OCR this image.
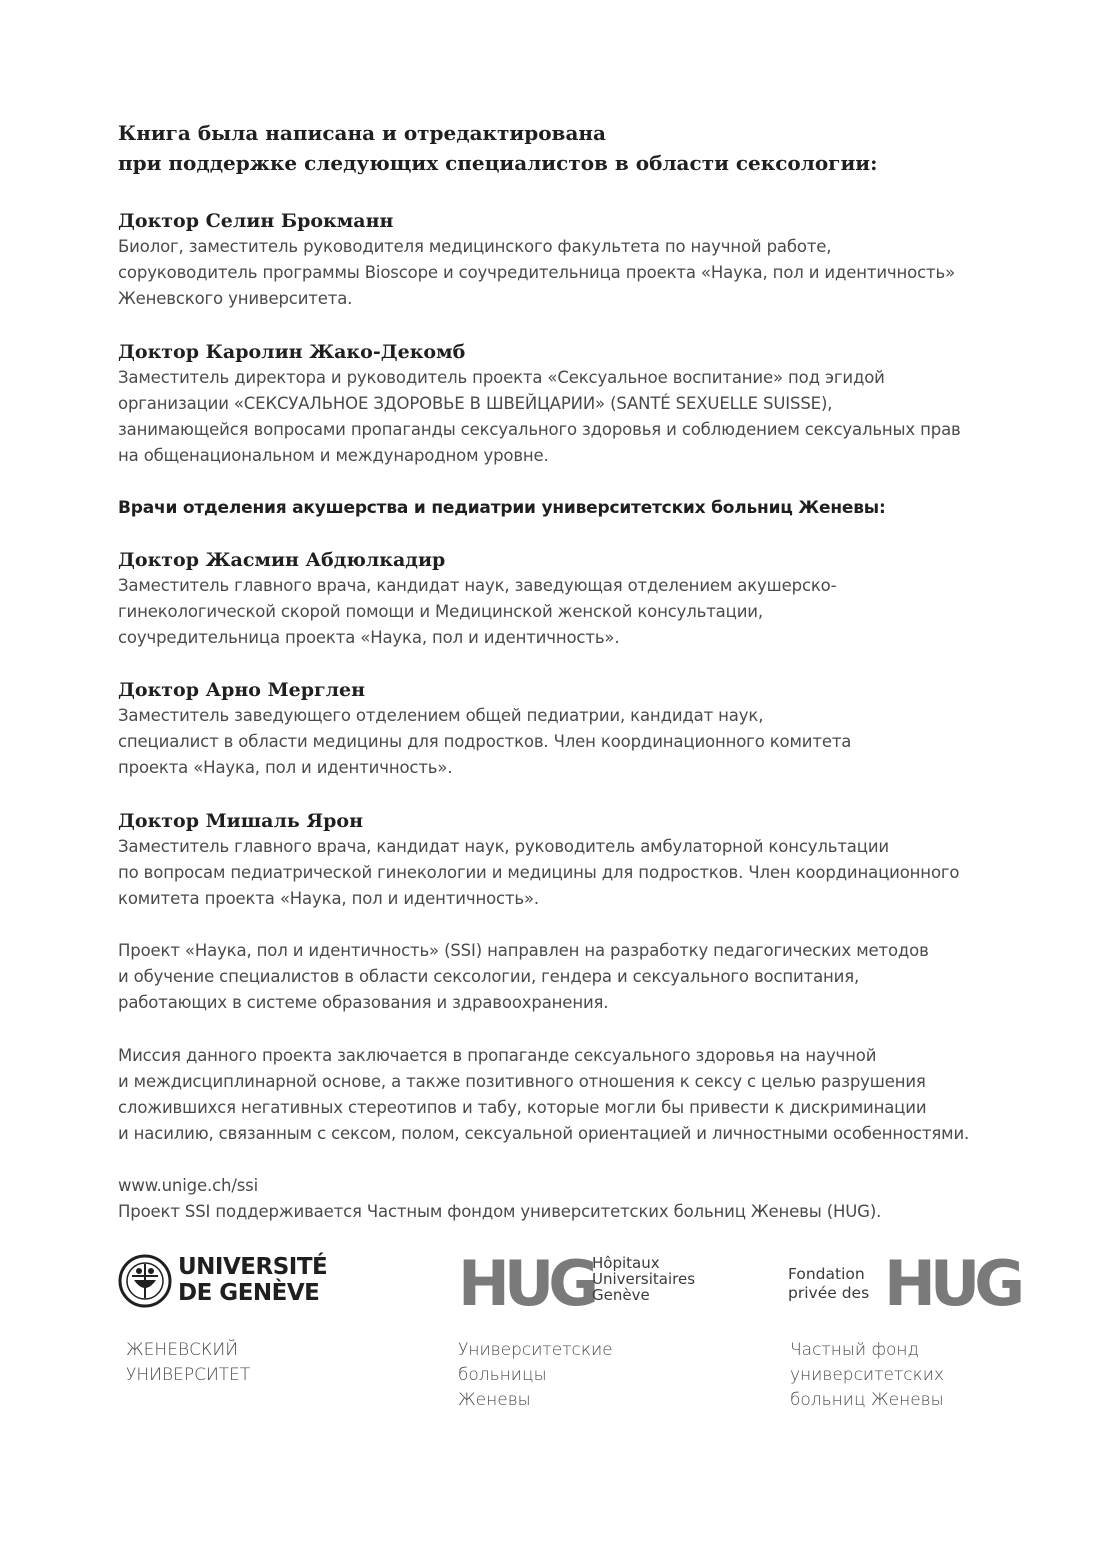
Книга была написана и отредактирована
при поддержке следующих специалистов в области сексологии:
Доктор Селин Брокманн
Биолог, заместитель руководителя медицинского факультета по научной работе,
соруководитель программы Bioscope и соучредительница проекта «Наука, пол и идентичность»
Женевского университета.
Доктор Каролин Жако-Декомб
Заместитель директора и руководитель проекта «Сексуальное воспитание» под эгидой
организации «СЕКСУАЛЬНОЕ ЗДОРОВЬЕ В ШВЕЙЦАРИИ» (SANTÉ SEXUELLE SUISSE),
занимающейся вопросами пропаганды сексуального здоровья и соблюдением сексуальных прав
на общенациональном и международном уровне.
Врачи отделения акушерства и педиатрии университетских больниц Женевы:
Доктор Жасмин Абдюлкадир
Заместитель главного врача, кандидат наук, заведующая отделением акушерско-
гинекологической скорой помощи и Медицинской женской консультации,
соучредительница проекта «Наука, пол и идентичность».
Доктор Арно Мерглен
Заместитель заведующего отделением общей педиатрии, кандидат наук,
специалист в области медицины для подростков. Член координационного комитета
проекта «Наука, пол и идентичность».
Доктор Мишаль Ярон
Заместитель главного врача, кандидат наук, руководитель амбулаторной консультации
по вопросам педиатрической гинекологии и медицины для подростков. Член координационного
комитета проекта «Наука, пол и идентичность».
Проект «Наука, пол и идентичность» (SSI) направлен на разработку педагогических методов
и обучение специалистов в области сексологии, гендера и сексуального воспитания,
работающих в системе образования и здравоохранения.
Миссия данного проекта заключается в пропаганде сексуального здоровья на научной
и междисциплинарной основе, а также позитивного отношения к сексу с целью разрушения
сложившихся негативных стереотипов и табу, которые могли бы привести к дискриминации
и насилию, связанным с сексом, полом, сексуальной ориентацией и личностными особенностями.
www.unige.ch/ssi
Проект SSI поддерживается Частным фондом университетских больниц Женевы (HUG).
UNIVERSITÉ
DE GENÈVE HUG
Hôpitaux
Universitaires
Genève
Fondation
privée des HUG
ЖЕНЕВСКИЙ
УНИВЕРСИТЕТ
Университетские
больницы
Женевы
Частный фонд
университетских
больниц Женевы
